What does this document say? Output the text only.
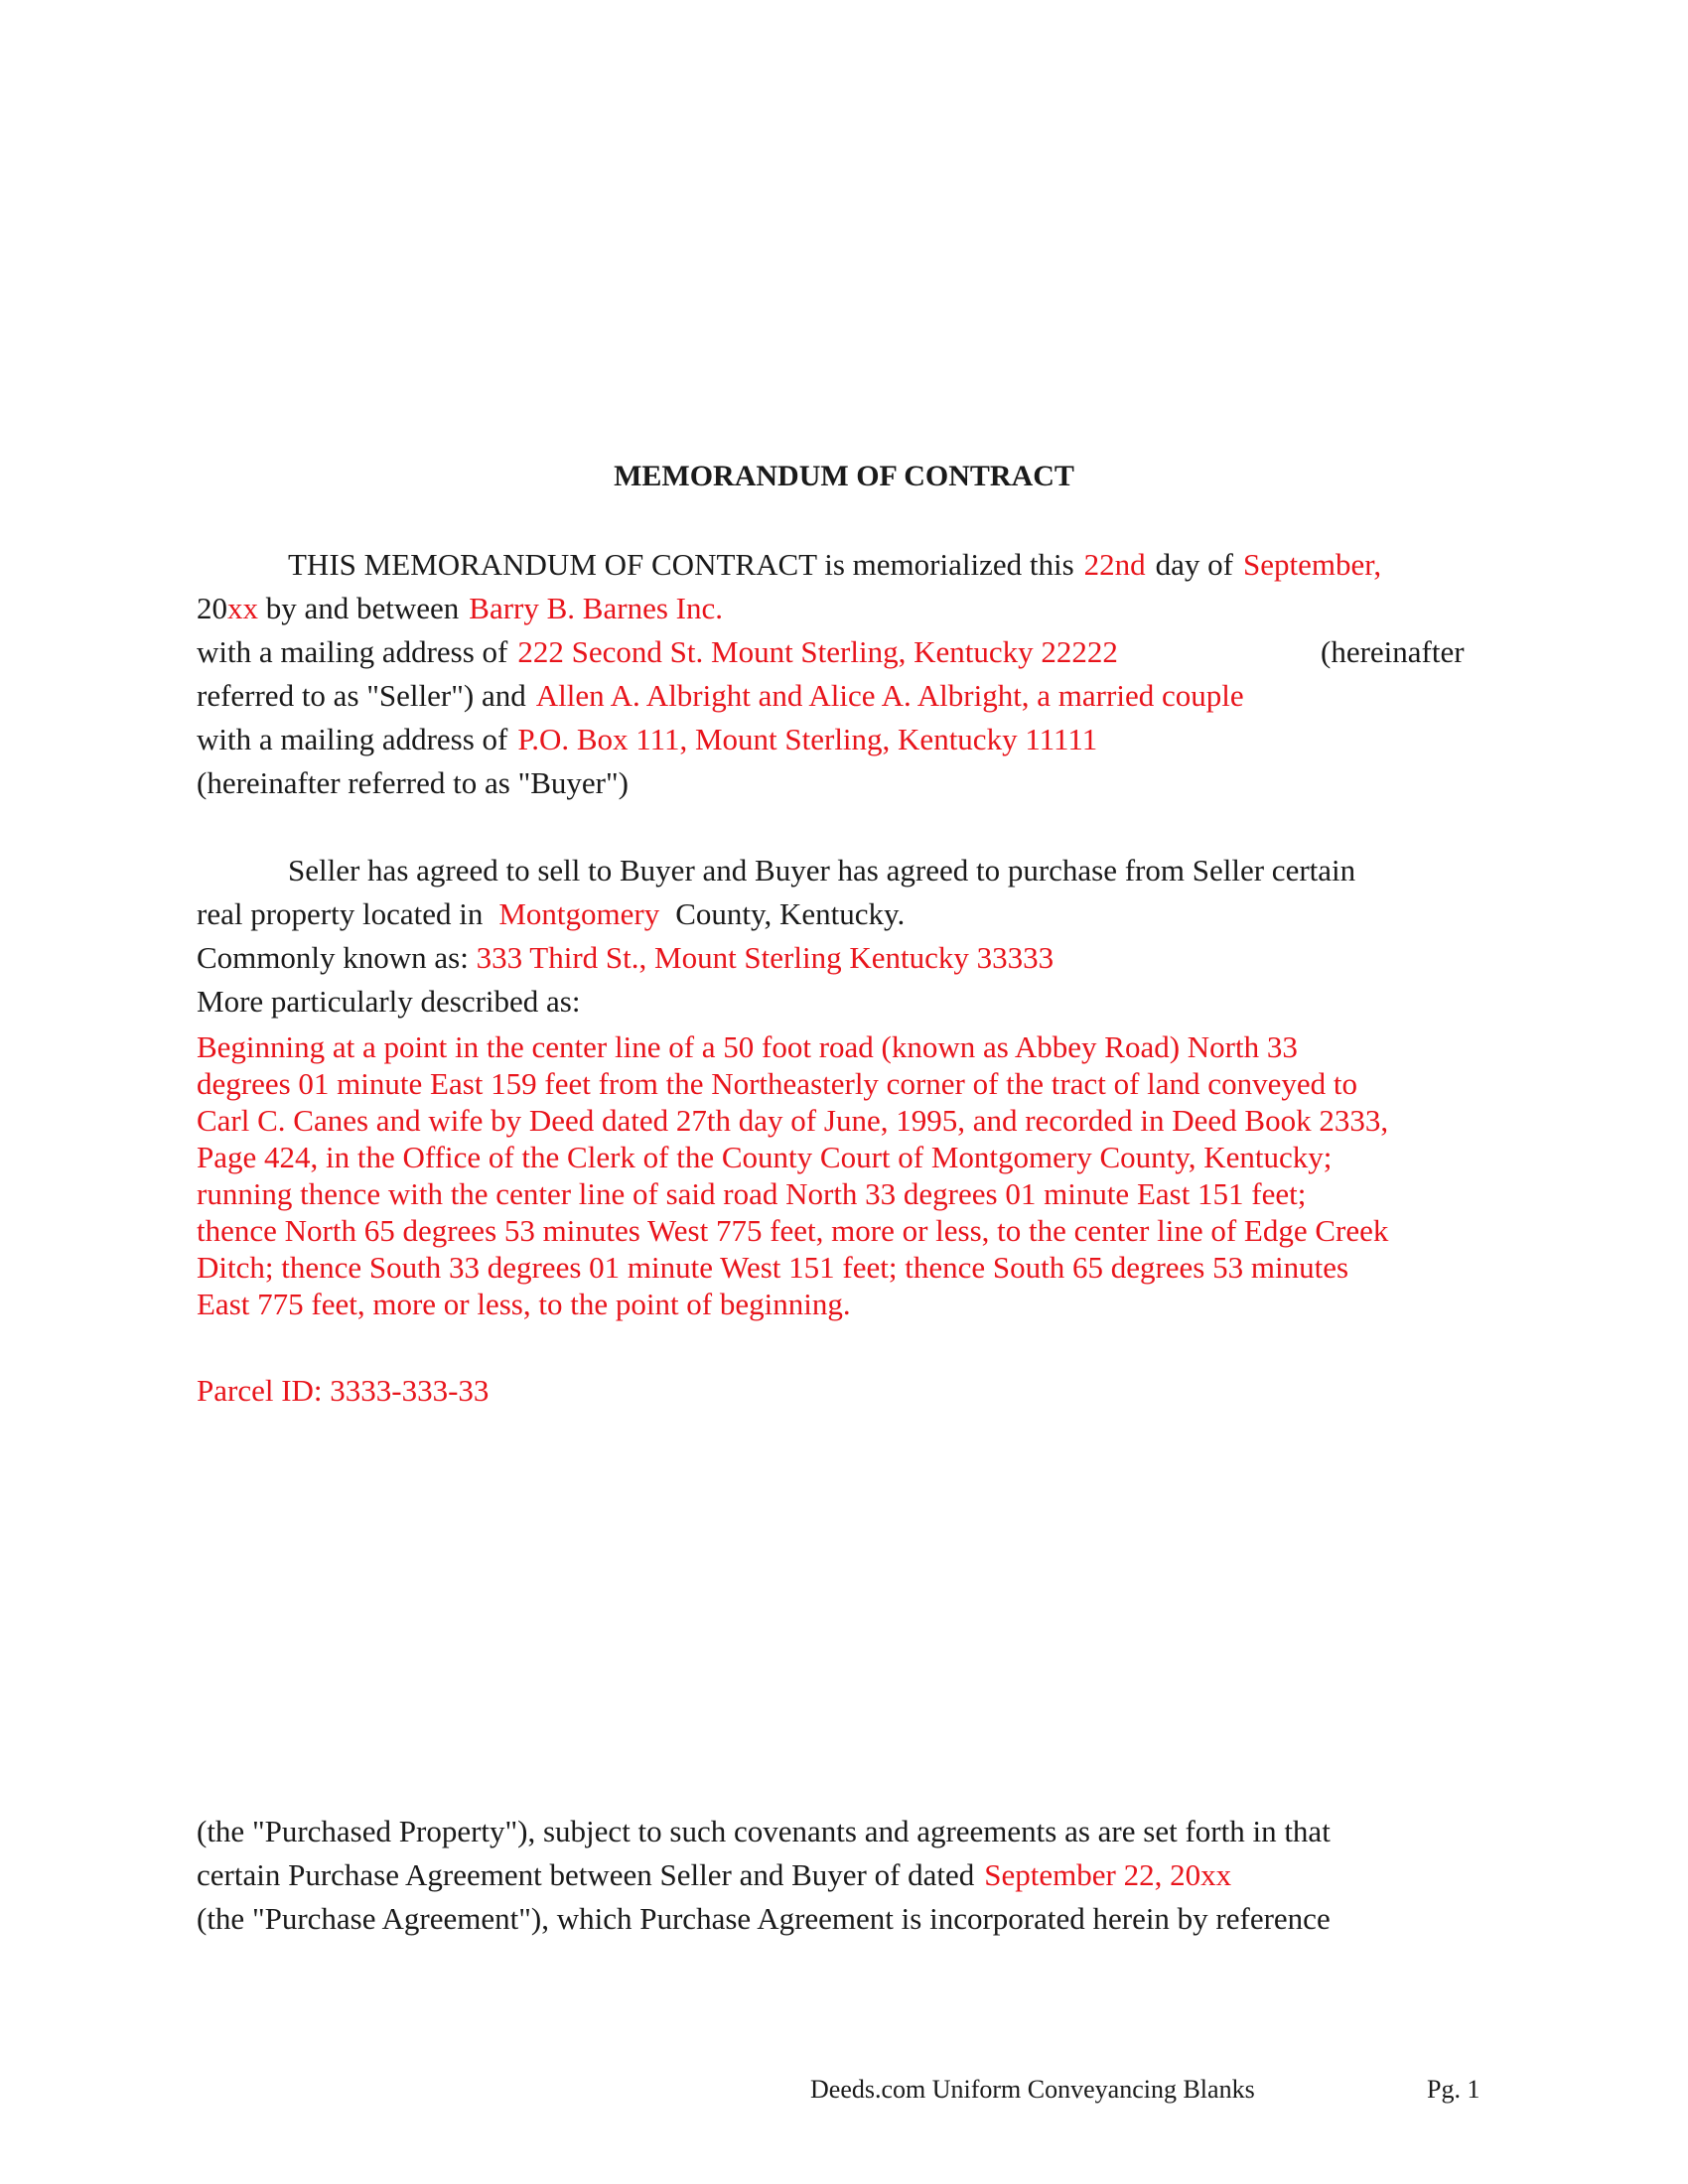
MEMORANDUM OF CONTRACT
THIS MEMORANDUM OF CONTRACT is memorialized this 22nd day of September,
20xx by and between Barry B. Barnes Inc.
with a mailing address of 222 Second St. Mount Sterling, Kentucky 22222	(hereinafter
referred to as "Seller") and Allen A. Albright and Alice A. Albright, a married couple
with a mailing address of P.O. Box 111, Mount Sterling, Kentucky 11111
(hereinafter referred to as "Buyer")
Seller has agreed to sell to Buyer and Buyer has agreed to purchase from Seller certain
real property located in Montgomery County, Kentucky.
Commonly known as: 333 Third St., Mount Sterling Kentucky 33333
More particularly described as:
Beginning at a point in the center line of a 50 foot road (known as Abbey Road) North 33
degrees 01 minute East 159 feet from the Northeasterly corner of the tract of land conveyed to
Carl C. Canes and wife by Deed dated 27th day of June, 1995, and recorded in Deed Book 2333,
Page 424, in the Office of the Clerk of the County Court of Montgomery County, Kentucky;
running thence with the center line of said road North 33 degrees 01 minute East 151 feet;
thence North 65 degrees 53 minutes West 775 feet, more or less, to the center line of Edge Creek
Ditch; thence South 33 degrees 01 minute West 151 feet; thence South 65 degrees 53 minutes
East 775 feet, more or less, to the point of beginning.
Parcel ID: 3333-333-33
(the "Purchased Property"), subject to such covenants and agreements as are set forth in that
certain Purchase Agreement between Seller and Buyer of dated September 22, 20xx
(the "Purchase Agreement"), which Purchase Agreement is incorporated herein by reference
Deeds.com Uniform Conveyancing Blanks	Pg. 1
